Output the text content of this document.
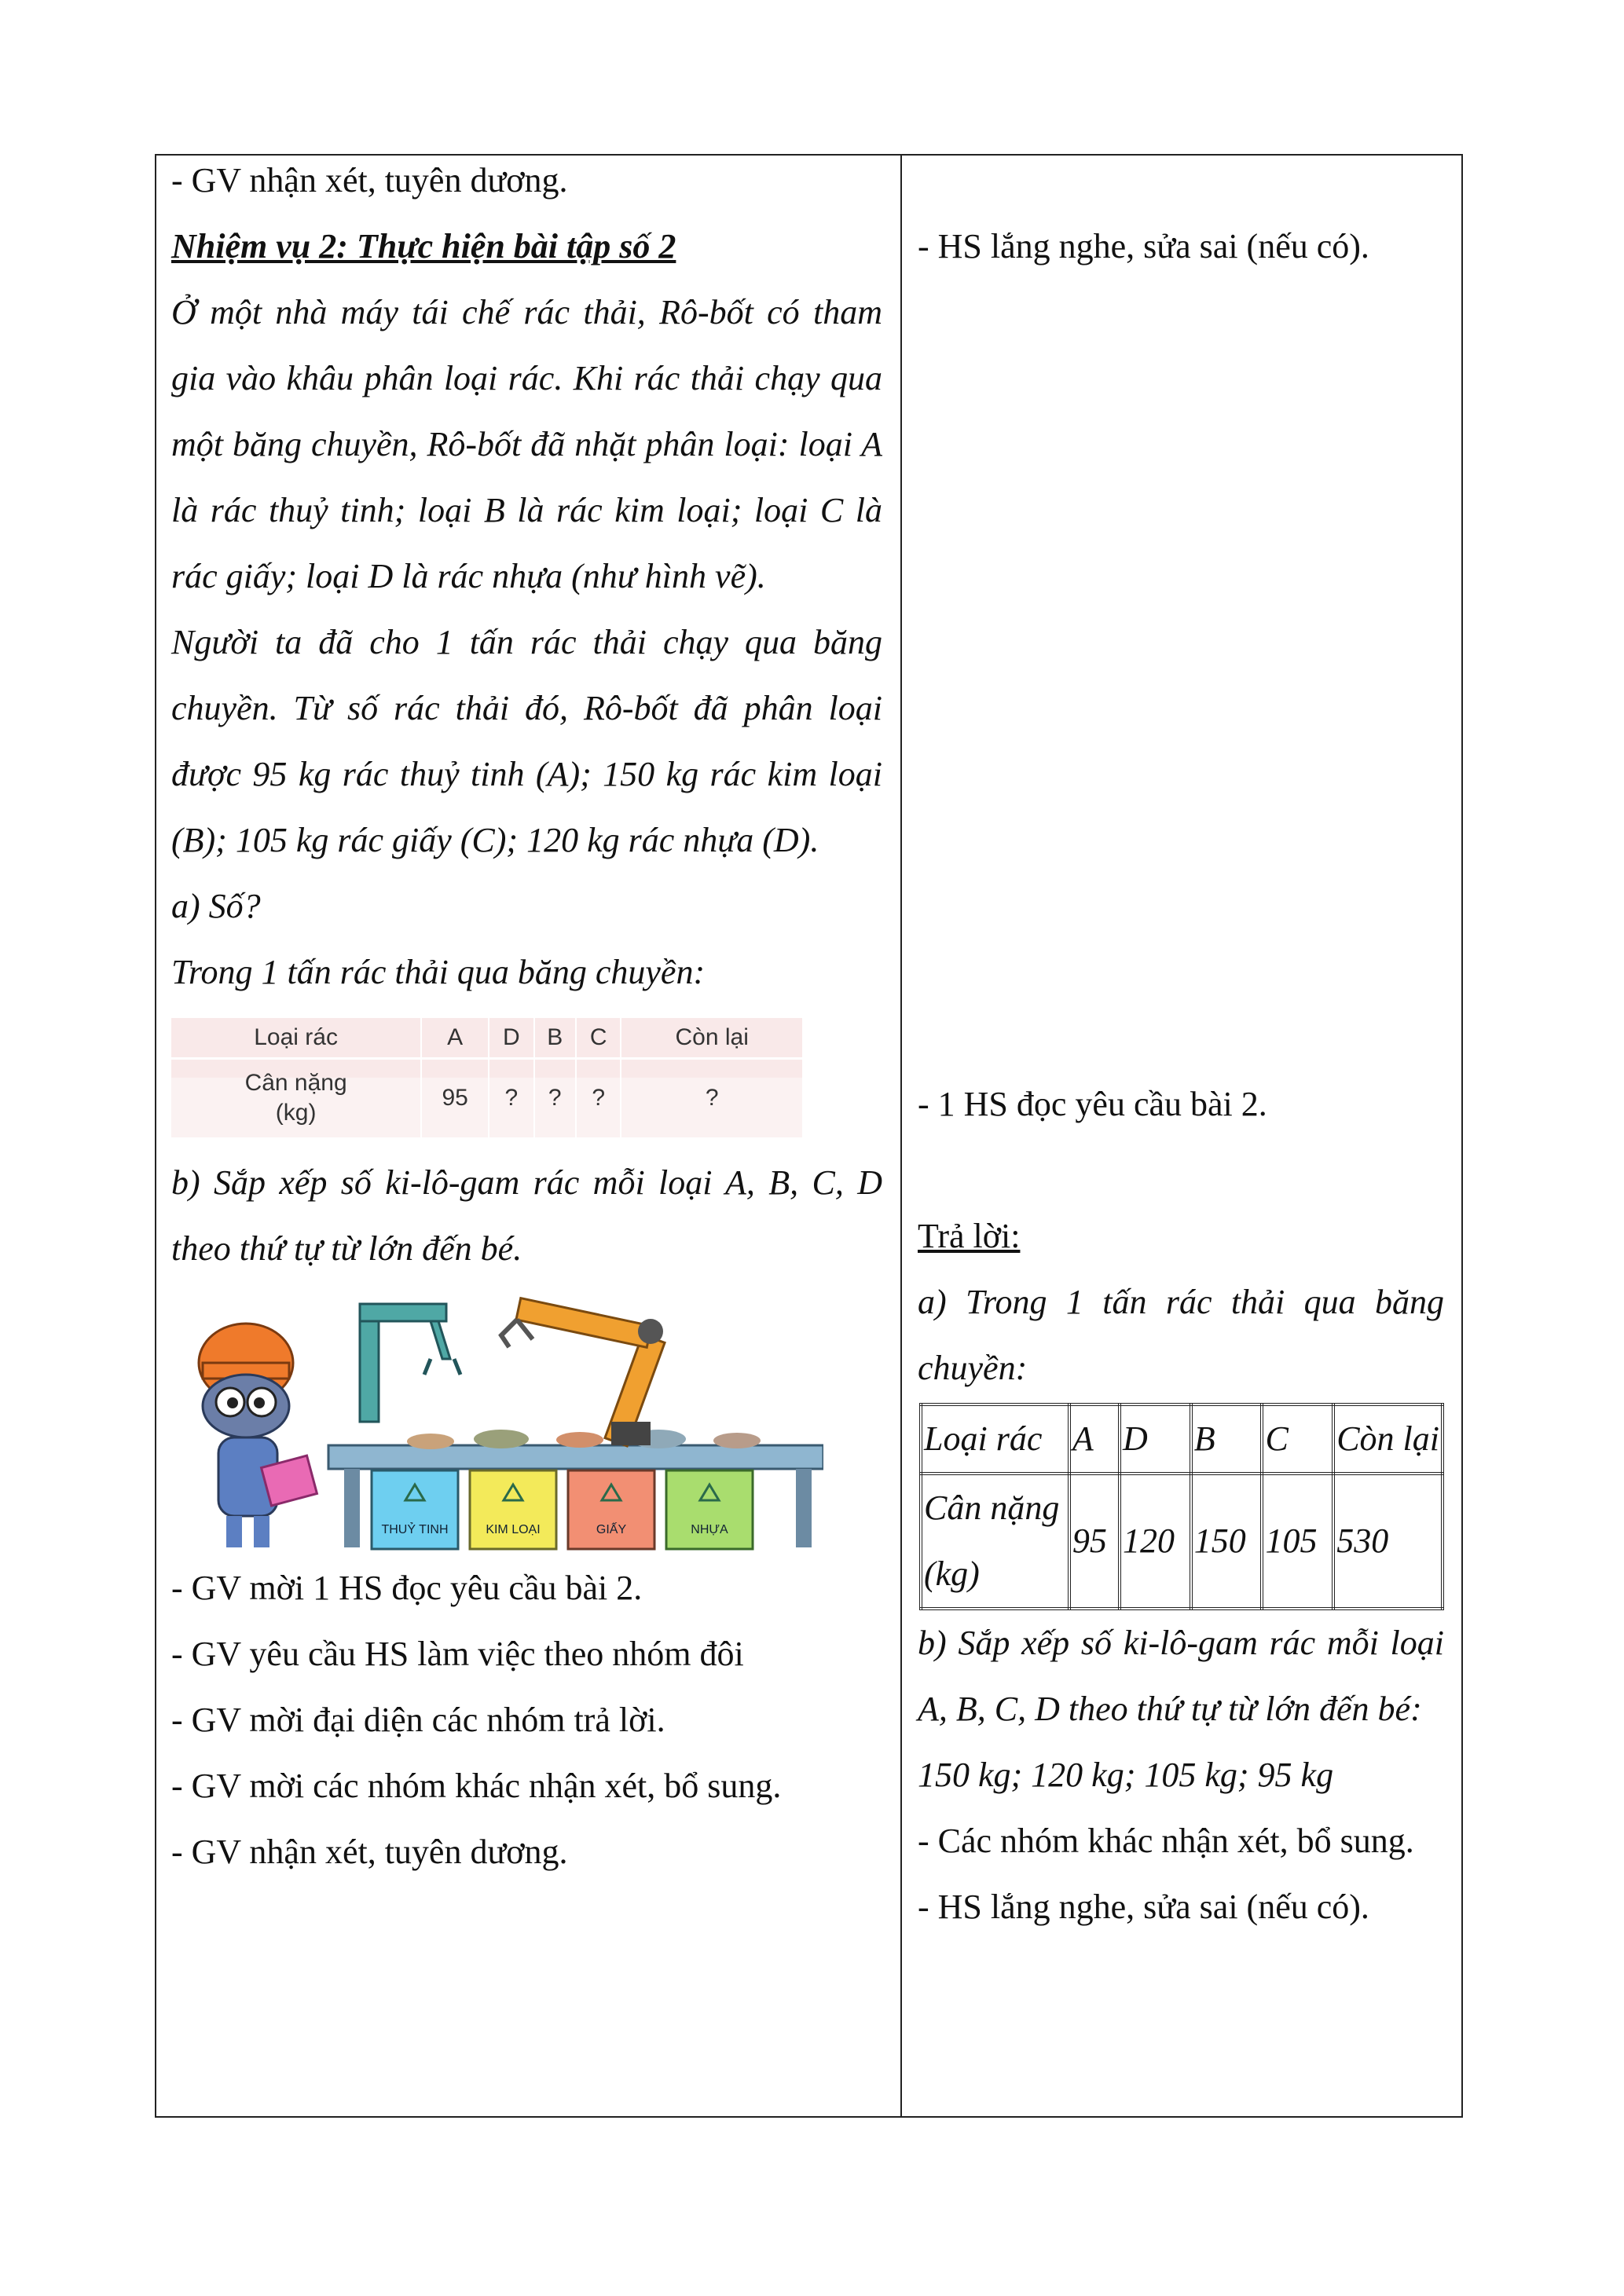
- GV nhận xét, tuyên dương.

Nhiệm vụ 2: Thực hiện bài tập số 2

Ở một nhà máy tái chế rác thải, Rô-bốt có tham gia vào khâu phân loại rác. Khi rác thải chạy qua một băng chuyền, Rô-bốt đã nhặt phân loại: loại A là rác thuỷ tinh; loại B là rác kim loại; loại C là rác giấy; loại D là rác nhựa (như hình vẽ).

Người ta đã cho 1 tấn rác thải chạy qua băng chuyền. Từ số rác thải đó, Rô-bốt đã phân loại được 95 kg rác thuỷ tinh (A); 150 kg rác kim loại (B); 105 kg rác giấy (C); 120 kg rác nhựa (D).

a) Số?

Trong 1 tấn rác thải qua băng chuyền:

Loại rác	A	D	B	C	Còn lại
Cân nặng
(kg)	95	?	?	?	?

b) Sắp xếp số ki-lô-gam rác mỗi loại A, B, C, D theo thứ tự từ lớn đến bé.

THUỶ TINH	KIM LOẠI	GIẤY	NHỰA

- GV mời 1 HS đọc yêu cầu bài 2.

- GV yêu cầu HS làm việc theo nhóm đôi

- GV mời đại diện các nhóm trả lời.

- GV mời các nhóm khác nhận xét, bổ sung.

- GV nhận xét, tuyên dương.

- HS lắng nghe, sửa sai (nếu có).

- 1 HS đọc yêu cầu bài 2.

Trả lời:

a) Trong 1 tấn rác thải qua băng chuyền:

Loại rác	A	D	B	C	Còn lại
Cân nặng (kg)	95	120	150	105	530

b) Sắp xếp số ki-lô-gam rác mỗi loại A, B, C, D theo thứ tự từ lớn đến bé:

150 kg; 120 kg; 105 kg; 95 kg

- Các nhóm khác nhận xét, bổ sung.

- HS lắng nghe, sửa sai (nếu có).
